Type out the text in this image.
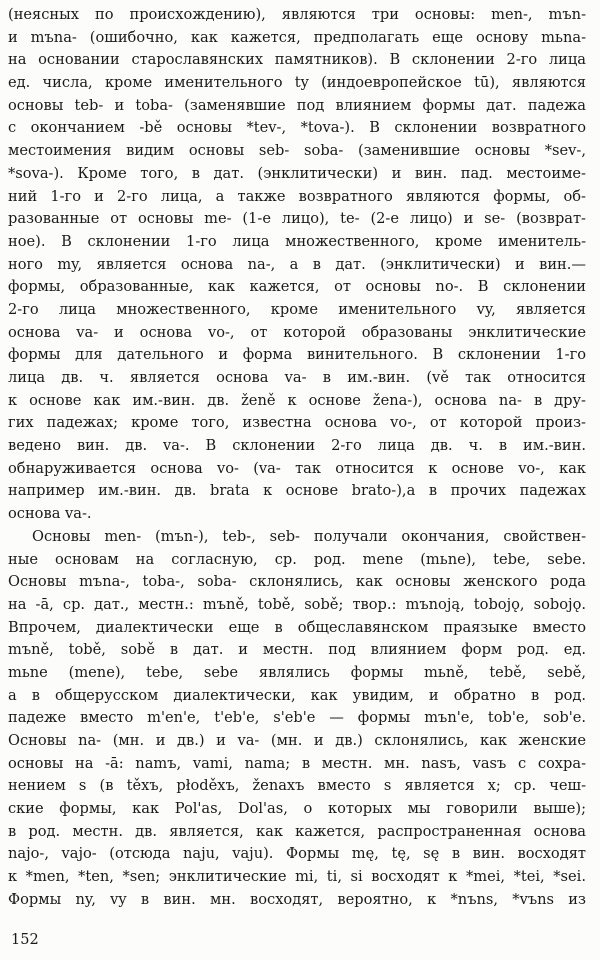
(неясных по происхождению), являются три основы: men-, mъn-
и mъna- (ошибочно, как кажется, предполагать еще основу mьna-
на основании старославянских памятников). В склонении 2-го лица
ед. числа, кроме именительного ty (индоевропейское tū), являются
основы teb- и toba- (заменявшие под влиянием формы дат. падежа
с окончанием -bě основы *tev-, *tova-). В склонении возвратного
местоимения видим основы seb- soba- (заменившие основы *sev-,
*sova-). Кроме того, в дат. (энклитически) и вин. пад. местоиме-
ний 1-го и 2-го лица, а также возвратного являются формы, об-
разованные от основы me- (1-е лицо), te- (2-е лицо) и se- (возврат-
ное). В склонении 1-го лица множественного, кроме именитель-
ного my, является основа na-, а в дат. (энклитически) и вин.—
формы, образованные, как кажется, от основы no-. В склонении
2-го лица множественного, кроме именительного vy, является
основа va- и основа vo-, от которой образованы энклитические
формы для дательного и форма винительного. В склонении 1-го
лица дв. ч. является основа va- в им.-вин. (vě так относится
к основе как им.-вин. дв. ženě к основе žena-), основа na- в дру-
гих падежах; кроме того, известна основа vo-, от которой произ-
ведено вин. дв. va-. В склонении 2-го лица дв. ч. в им.-вин.
обнаруживается основа vo- (va- так относится к основе vo-, как
например им.-вин. дв. brata к основе brato-),а в прочих падежах
основа va-.
Основы men- (mъn-), teb-, seb- получали окончания, свойствен-
ные основам на согласную, ср. род. mene (mьne), tebe, sebe.
Основы mъna-, toba-, soba- склонялись, как основы женского рода
на -ā, ср. дат., местн.: mъně, tobě, sobě; твор.: mъnoją, tobojǫ, sobojǫ.
Впрочем, диалектически еще в общеславянском праязыке вместо
mъně, tobě, sobě в дат. и местн. под влиянием форм род. ед.
mьne (mene), tebe, sebe являлись формы mьně, tebě, sebě,
а в общерусском диалектически, как увидим, и обратно в род.
падеже вместо m'en'e, t'eb'e, s'eb'e — формы mъn'e, tob'e, sob'e.
Основы na- (мн. и дв.) и va- (мн. и дв.) склонялись, как женские
основы на -ā: namъ, vami, nama; в местн. мн. nasъ, vasъ с сохра-
нением s (в těxъ, płoděxъ, ženaxъ вместо s является x; ср. чеш-
ские формы, как Pol'as, Dol'as, о которых мы говорили выше);
в род. местн. дв. является, как кажется, распространенная основа
najo-, vajo- (отсюда naju, vaju). Формы mę, tę, sę в вин. восходят
к *men, *ten, *sen; энклитические mi, ti, si восходят к *mei, *tei, *sei.
Формы ny, vy в вин. мн. восходят, вероятно, к *nъns, *vъns из
152
